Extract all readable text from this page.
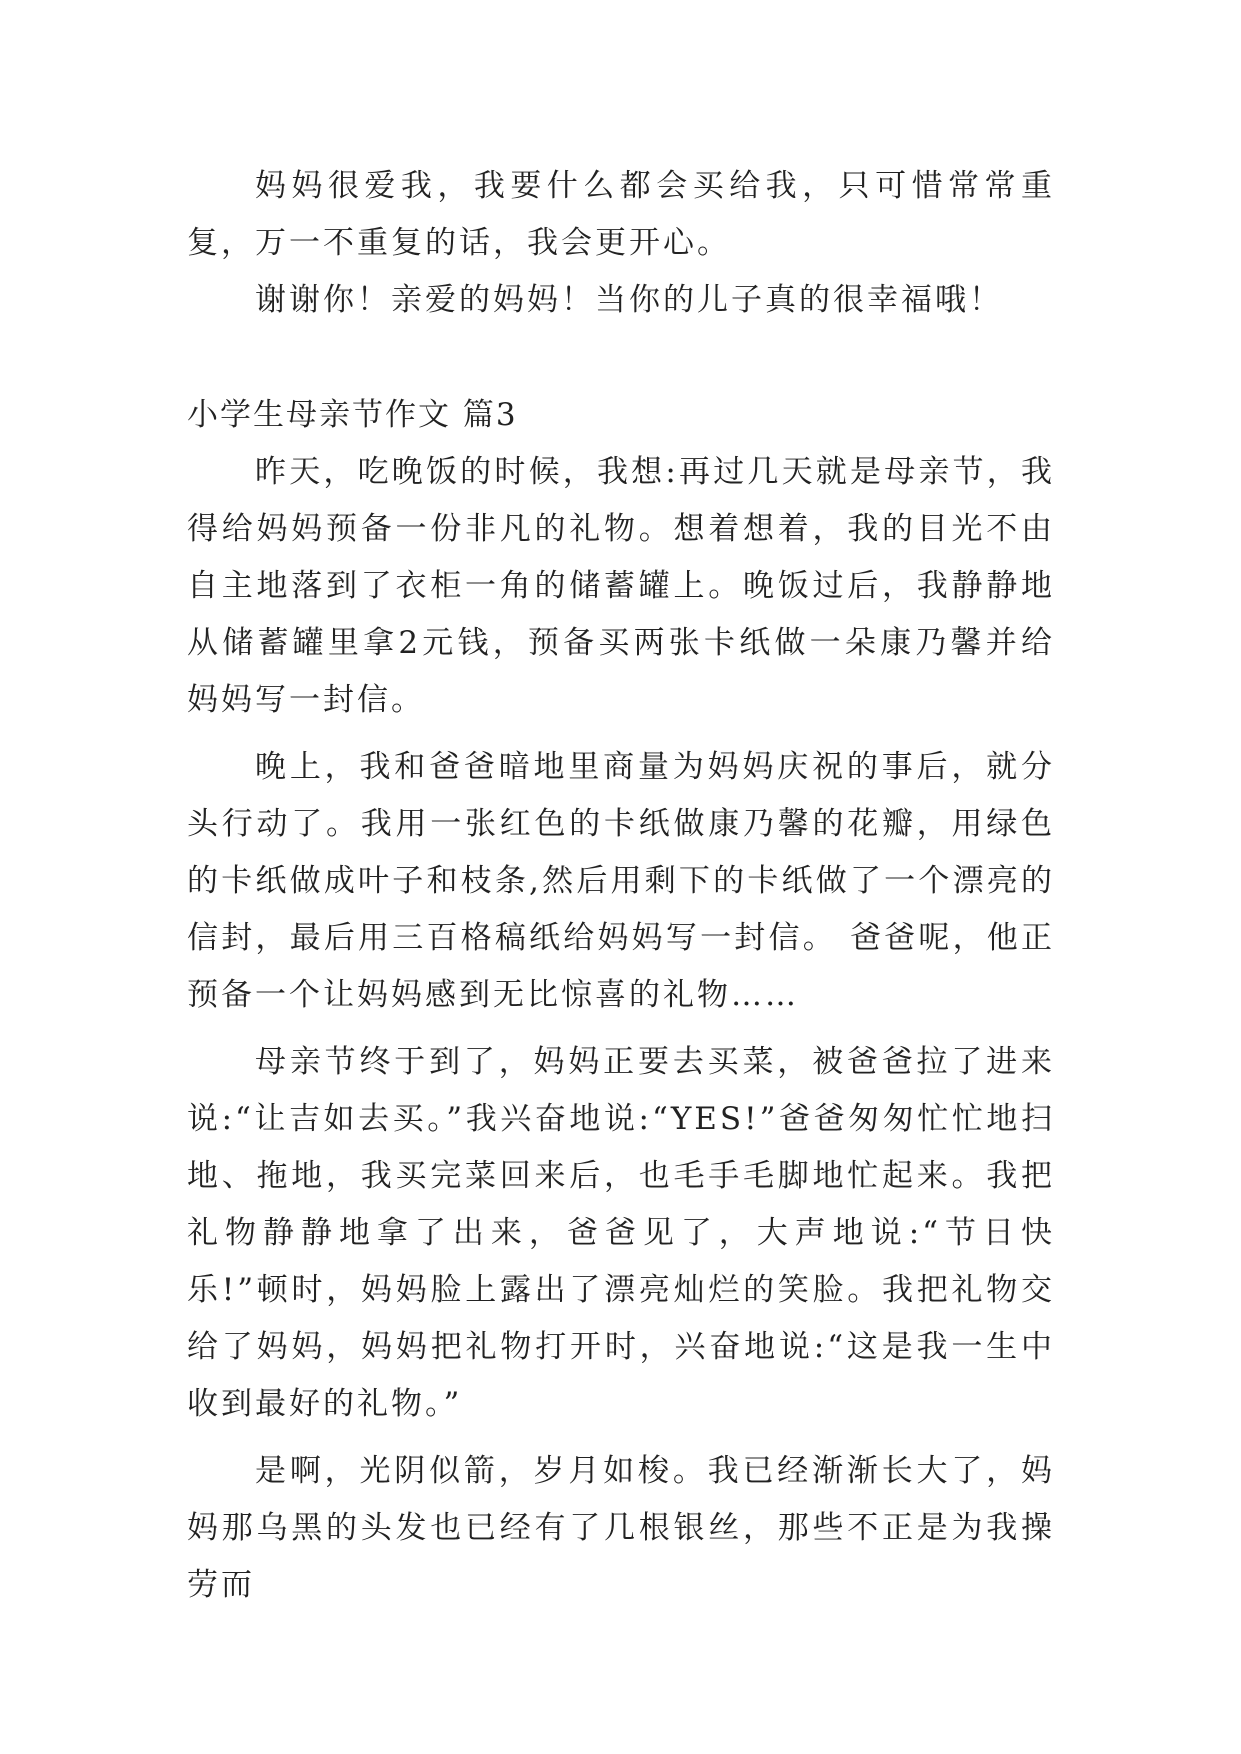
妈妈很爱我，我要什么都会买给我，只可惜常常重复，万一不重复的话，我会更开心。

谢谢你！亲爱的妈妈！当你的儿子真的很幸福哦！

小学生母亲节作文 篇3

昨天，吃晚饭的时候，我想:再过几天就是母亲节，我得给妈妈预备一份非凡的礼物。想着想着，我的目光不由自主地落到了衣柜一角的储蓄罐上。晚饭过后，我静静地从储蓄罐里拿2元钱，预备买两张卡纸做一朵康乃馨并给妈妈写一封信。

晚上，我和爸爸暗地里商量为妈妈庆祝的事后，就分头行动了。我用一张红色的卡纸做康乃馨的花瓣，用绿色的卡纸做成叶子和枝条,然后用剩下的卡纸做了一个漂亮的信封，最后用三百格稿纸给妈妈写一封信。 爸爸呢，他正预备一个让妈妈感到无比惊喜的礼物……

母亲节终于到了，妈妈正要去买菜，被爸爸拉了进来说:“让吉如去买。”我兴奋地说:“YES!”爸爸匆匆忙忙地扫地、拖地，我买完菜回来后，也毛手毛脚地忙起来。我把礼物静静地拿了出来，爸爸见了，大声地说:“节日快乐!”顿时，妈妈脸上露出了漂亮灿烂的笑脸。我把礼物交给了妈妈，妈妈把礼物打开时，兴奋地说:“这是我一生中收到最好的礼物。”

是啊，光阴似箭，岁月如梭。我已经渐渐长大了，妈妈那乌黑的头发也已经有了几根银丝，那些不正是为我操劳而
